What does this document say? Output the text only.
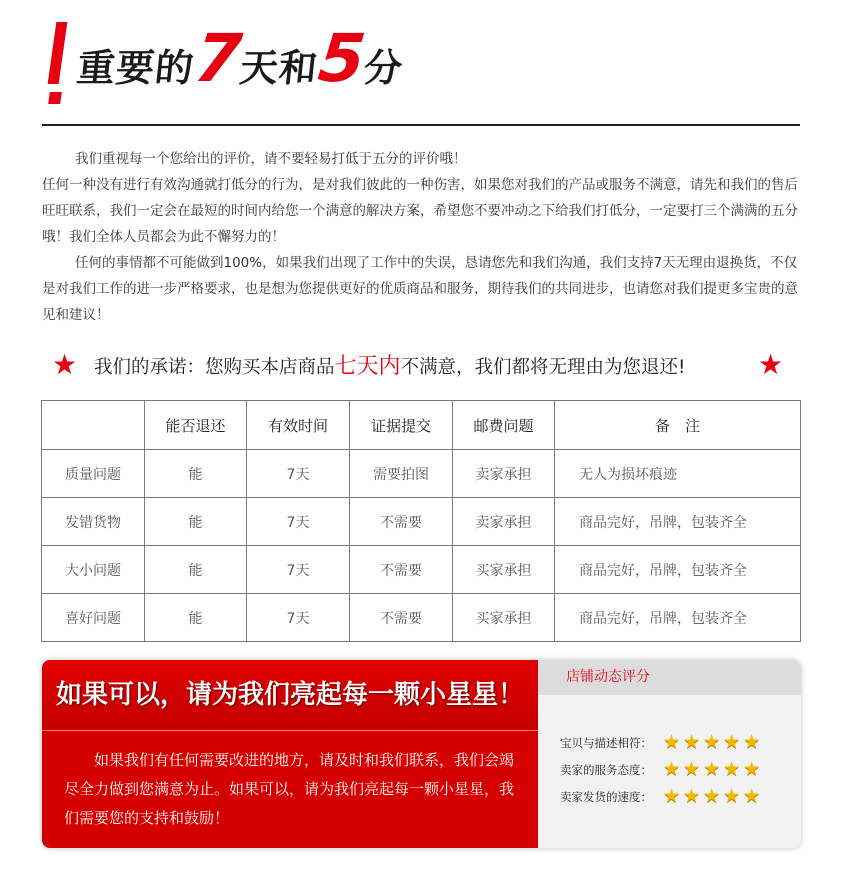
重要的7天和5分

我们重视每一个您给出的评价，请不要轻易打低于五分的评价哦！

任何一种没有进行有效沟通就打低分的行为，是对我们彼此的一种伤害，如果您对我们的产品或服务不满意，请先和我们的售后旺旺联系，我们一定会在最短的时间内给您一个满意的解决方案，希望您不要冲动之下给我们打低分，一定要打三个满满的五分哦！我们全体人员都会为此不懈努力的！

任何的事情都不可能做到100%，如果我们出现了工作中的失误，恳请您先和我们沟通，我们支持7天无理由退换货，不仅是对我们工作的进一步严格要求，也是想为您提供更好的优质商品和服务，期待我们的共同进步，也请您对我们提更多宝贵的意见和建议！

★ 我们的承诺：您购买本店商品七天内不满意，我们都将无理由为您退还!	★
	能否退还	有效时间	证据提交	邮费问题	备　注
质量问题	能	7天	需要拍图	卖家承担	无人为损坏痕迹
发错货物	能	7天	不需要	卖家承担	商品完好，吊牌，包装齐全
大小问题	能	7天	不需要	买家承担	商品完好，吊牌，包装齐全
喜好问题	能	7天	不需要	买家承担	商品完好，吊牌，包装齐全
如果可以，请为我们亮起每一颗小星星！

如果我们有任何需要改进的地方，请及时和我们联系，我们会竭尽全力做到您满意为止。如果可以，请为我们亮起每一颗小星星，我们需要您的支持和鼓励！

店铺动态评分
宝贝与描述相符： ★★★★★
卖家的服务态度： ★★★★★
卖家发货的速度： ★★★★★
